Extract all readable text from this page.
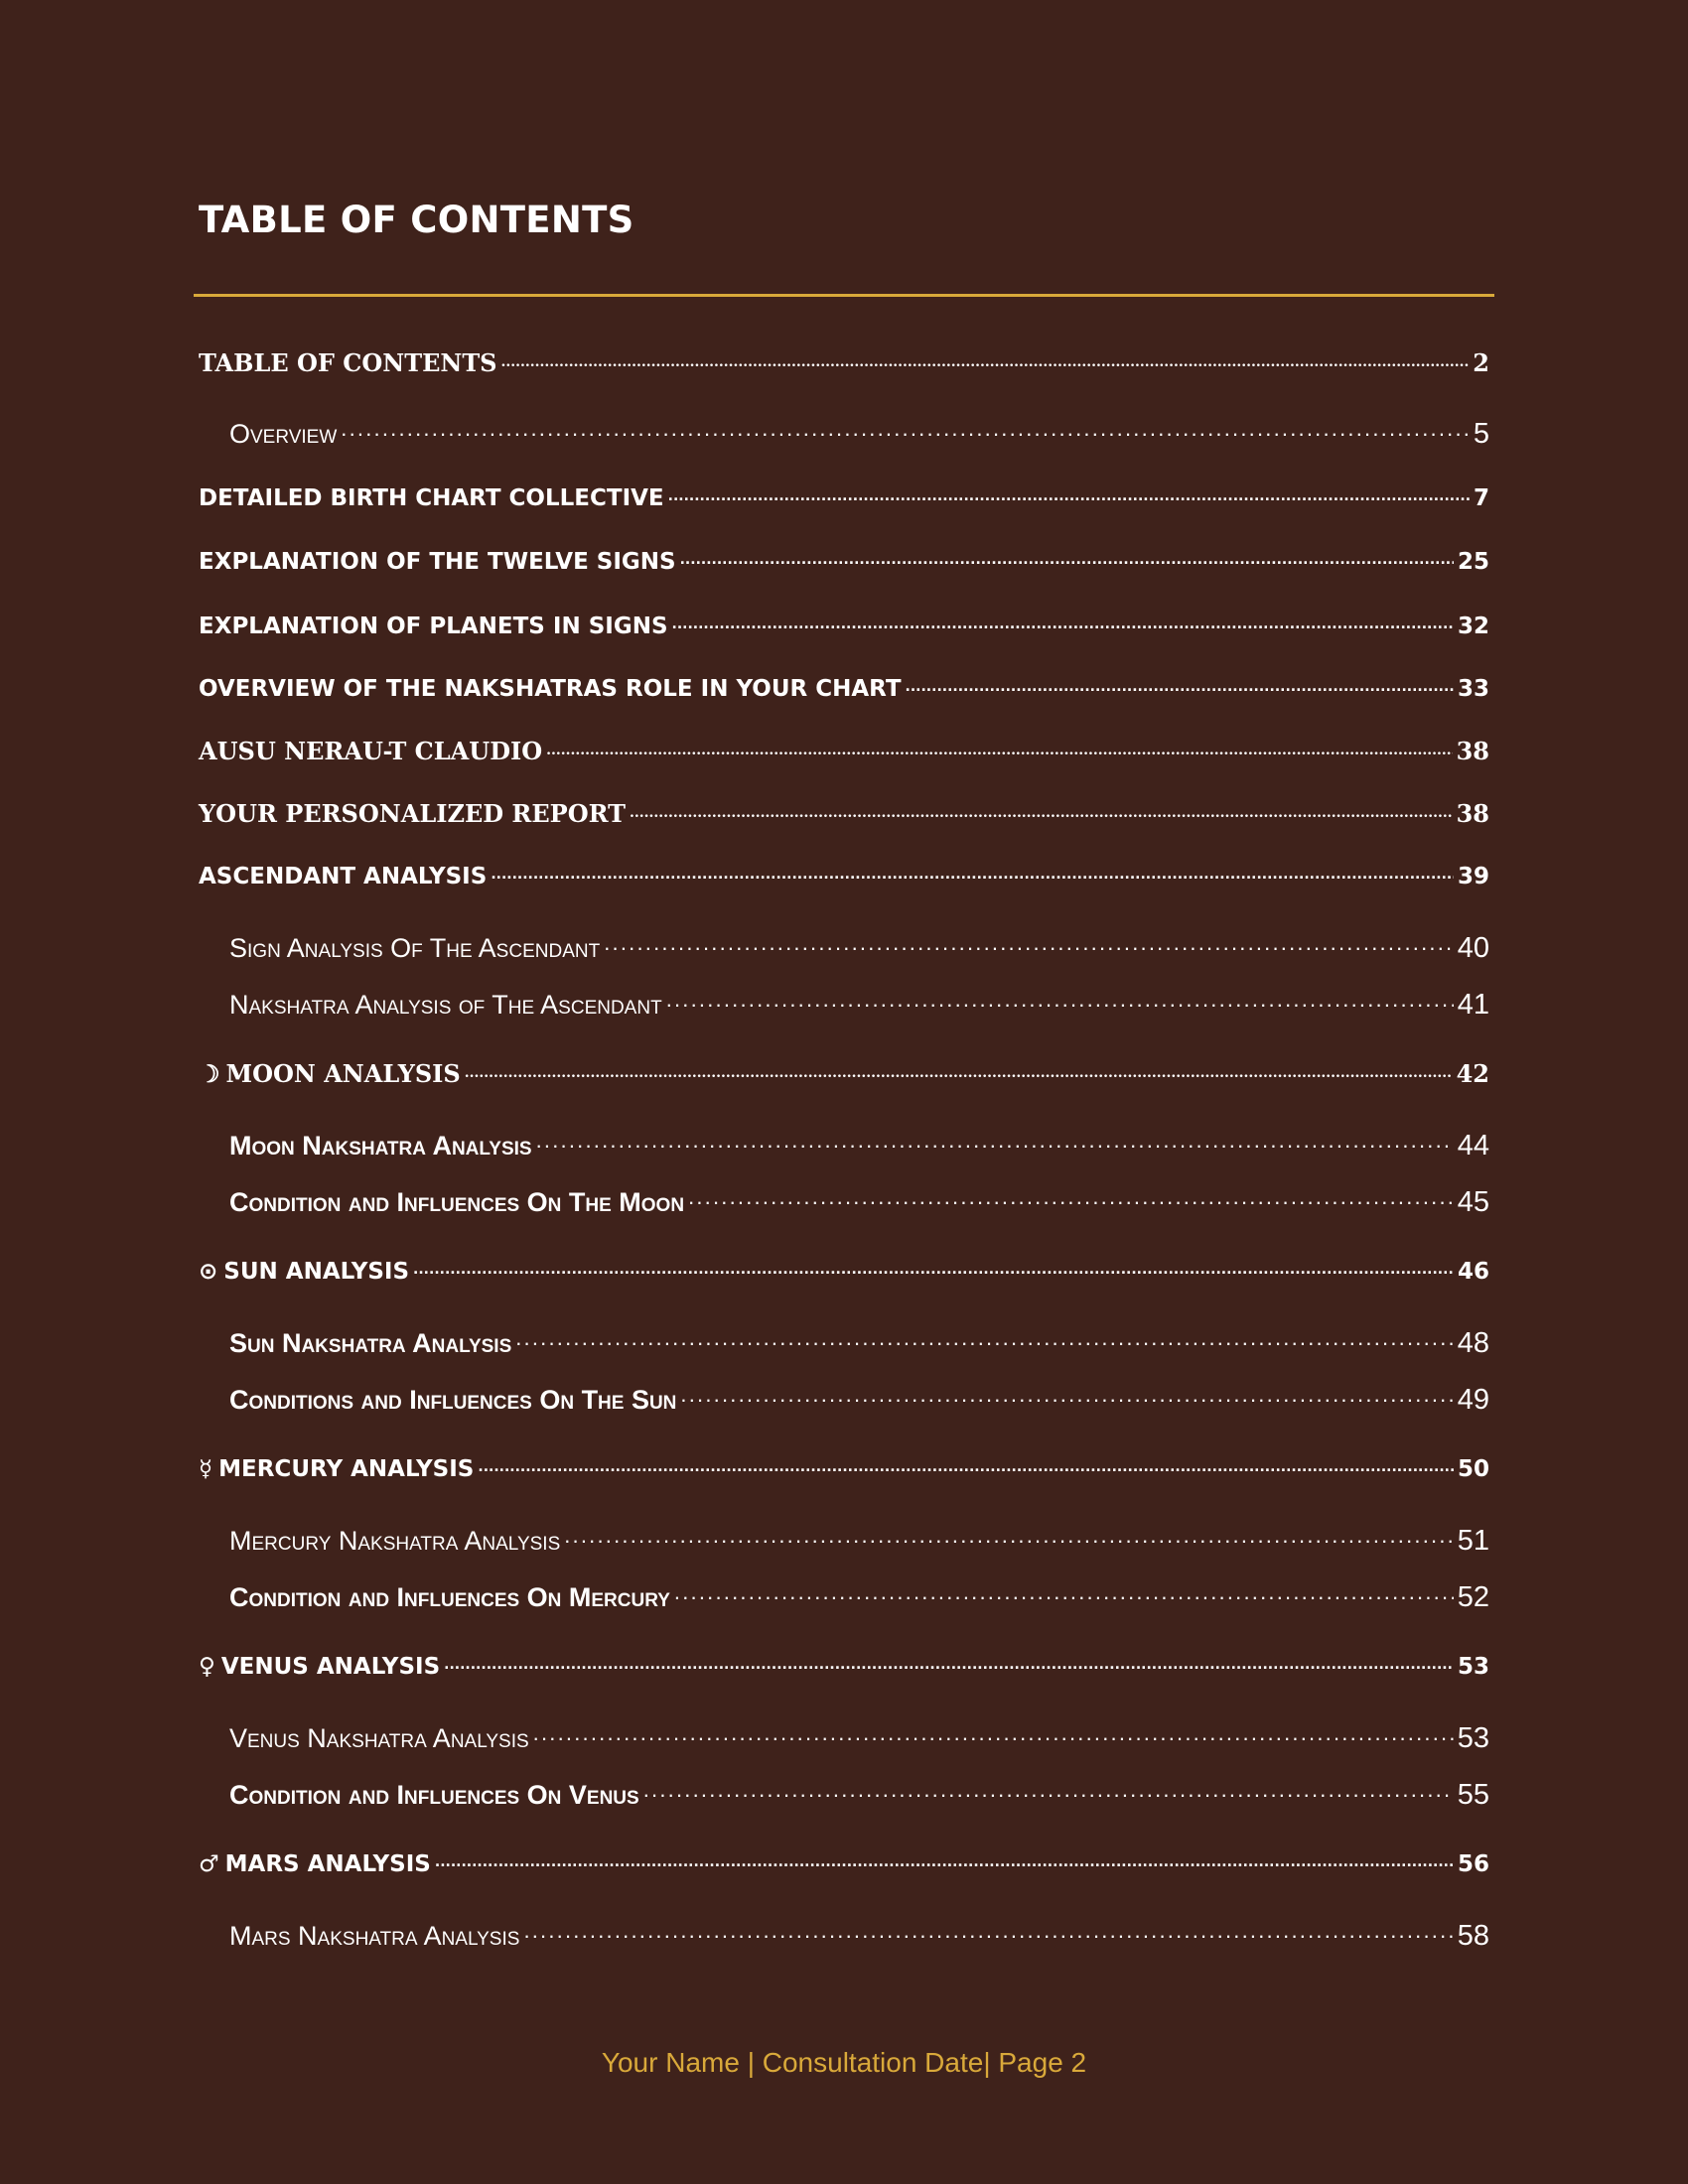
TABLE OF CONTENTS
TABLE OF CONTENTS .....	2
Overview .....	5
DETAILED BIRTH CHART COLLECTIVE .....	7
EXPLANATION OF THE TWELVE SIGNS .....	25
EXPLANATION OF PLANETS IN SIGNS .....	32
OVERVIEW OF THE NAKSHATRAS ROLE IN YOUR CHART .....	33
AUSU NERAU-T CLAUDIO .....	38
YOUR PERSONALIZED REPORT .....	38
ASCENDANT ANALYSIS .....	39
Sign Analysis Of The Ascendant .....	40
Nakshatra Analysis of The Ascendant .....	41
☽ MOON ANALYSIS .....	42
Moon Nakshatra Analysis .....	44
Condition and Influences On The Moon .....	45
⊙ SUN ANALYSIS .....	46
Sun Nakshatra Analysis .....	48
Conditions and Influences On The Sun .....	49
☿ MERCURY ANALYSIS .....	50
Mercury Nakshatra Analysis .....	51
Condition and Influences On Mercury .....	52
♀ VENUS ANALYSIS .....	53
Venus Nakshatra Analysis .....	53
Condition and Influences On Venus .....	55
♂ MARS ANALYSIS .....	56
Mars Nakshatra Analysis .....	58
Your Name | Consultation Date| Page 2
